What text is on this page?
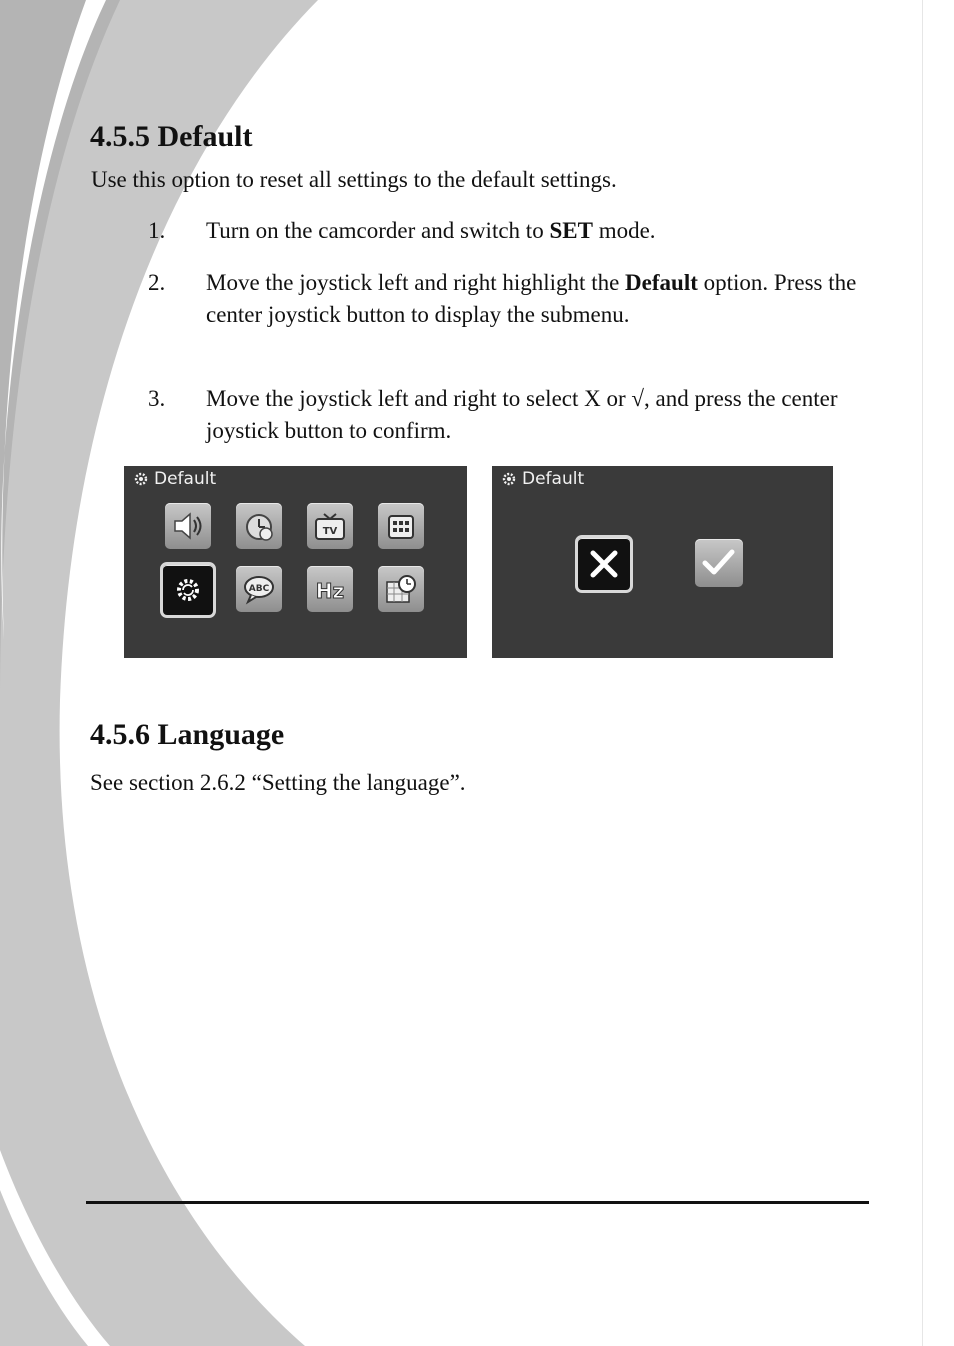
4.5.5 Default

Use this option to reset all settings to the default settings.

1. Turn on the camcorder and switch to SET mode.
2. Move the joystick left and right highlight the Default option. Press the center joystick button to display the submenu.
3. Move the joystick left and right to select X or √, and press the center joystick button to confirm.
Default
TV
ABC Hz
Default
4.5.6 Language

See section 2.6.2 “Setting the language”.
